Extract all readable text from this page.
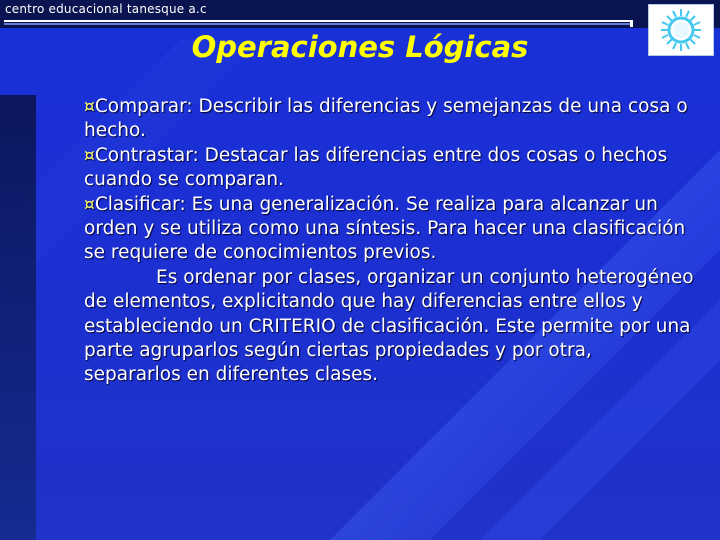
centro educacional tanesque a.c
Operaciones Lógicas

¤Comparar: Describir las diferencias y semejanzas de una cosa o hecho.

¤Contrastar: Destacar las diferencias entre dos cosas o hechos cuando se comparan.

¤Clasificar: Es una generalización. Se realiza para alcanzar un orden y se utiliza como una síntesis. Para hacer una clasificación se requiere de conocimientos previos.

Es ordenar por clases, organizar un conjunto heterogéneo de elementos, explicitando que hay diferencias entre ellos y estableciendo un CRITERIO de clasificación. Este permite por una parte agruparlos según ciertas propiedades y por otra, separarlos en diferentes clases.
